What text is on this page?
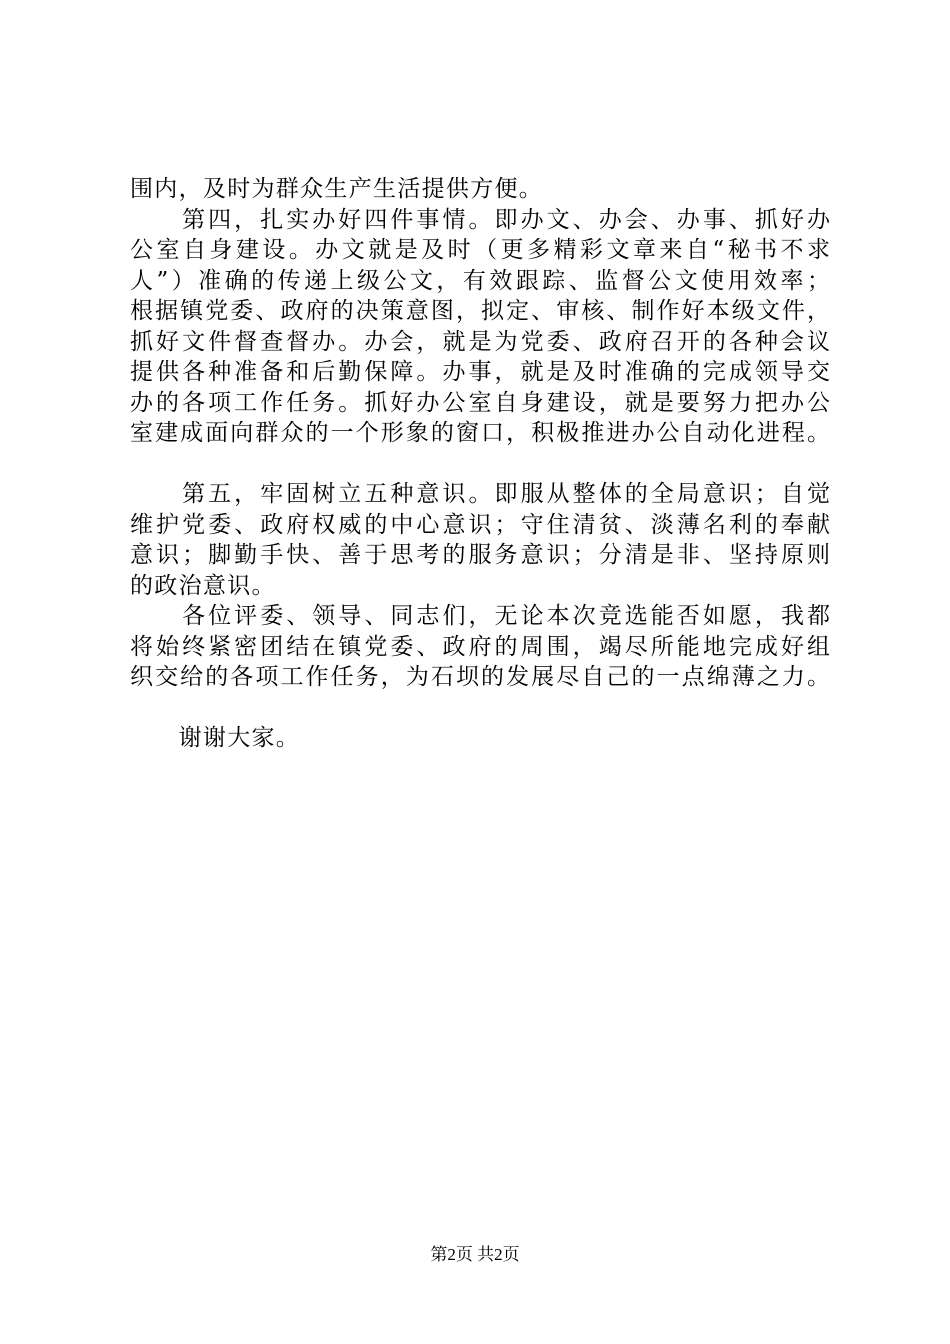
围内，及时为群众生产生活提供方便。
　　第四，扎实办好四件事情。即办文、办会、办事、抓好办
公室自身建设。办文就是及时（更多精彩文章来自“秘书不求
人”）准确的传递上级公文，有效跟踪、监督公文使用效率；
根据镇党委、政府的决策意图，拟定、审核、制作好本级文件，
抓好文件督查督办。办会，就是为党委、政府召开的各种会议
提供各种准备和后勤保障。办事，就是及时准确的完成领导交
办的各项工作任务。抓好办公室自身建设，就是要努力把办公
室建成面向群众的一个形象的窗口，积极推进办公自动化进程。
　　第五，牢固树立五种意识。即服从整体的全局意识；自觉
维护党委、政府权威的中心意识；守住清贫、淡薄名利的奉献
意识；脚勤手快、善于思考的服务意识；分清是非、坚持原则
的政治意识。
　　各位评委、领导、同志们，无论本次竞选能否如愿，我都
将始终紧密团结在镇党委、政府的周围，竭尽所能地完成好组
织交给的各项工作任务，为石坝的发展尽自己的一点绵薄之力。
　　谢谢大家。
第2页 共2页
